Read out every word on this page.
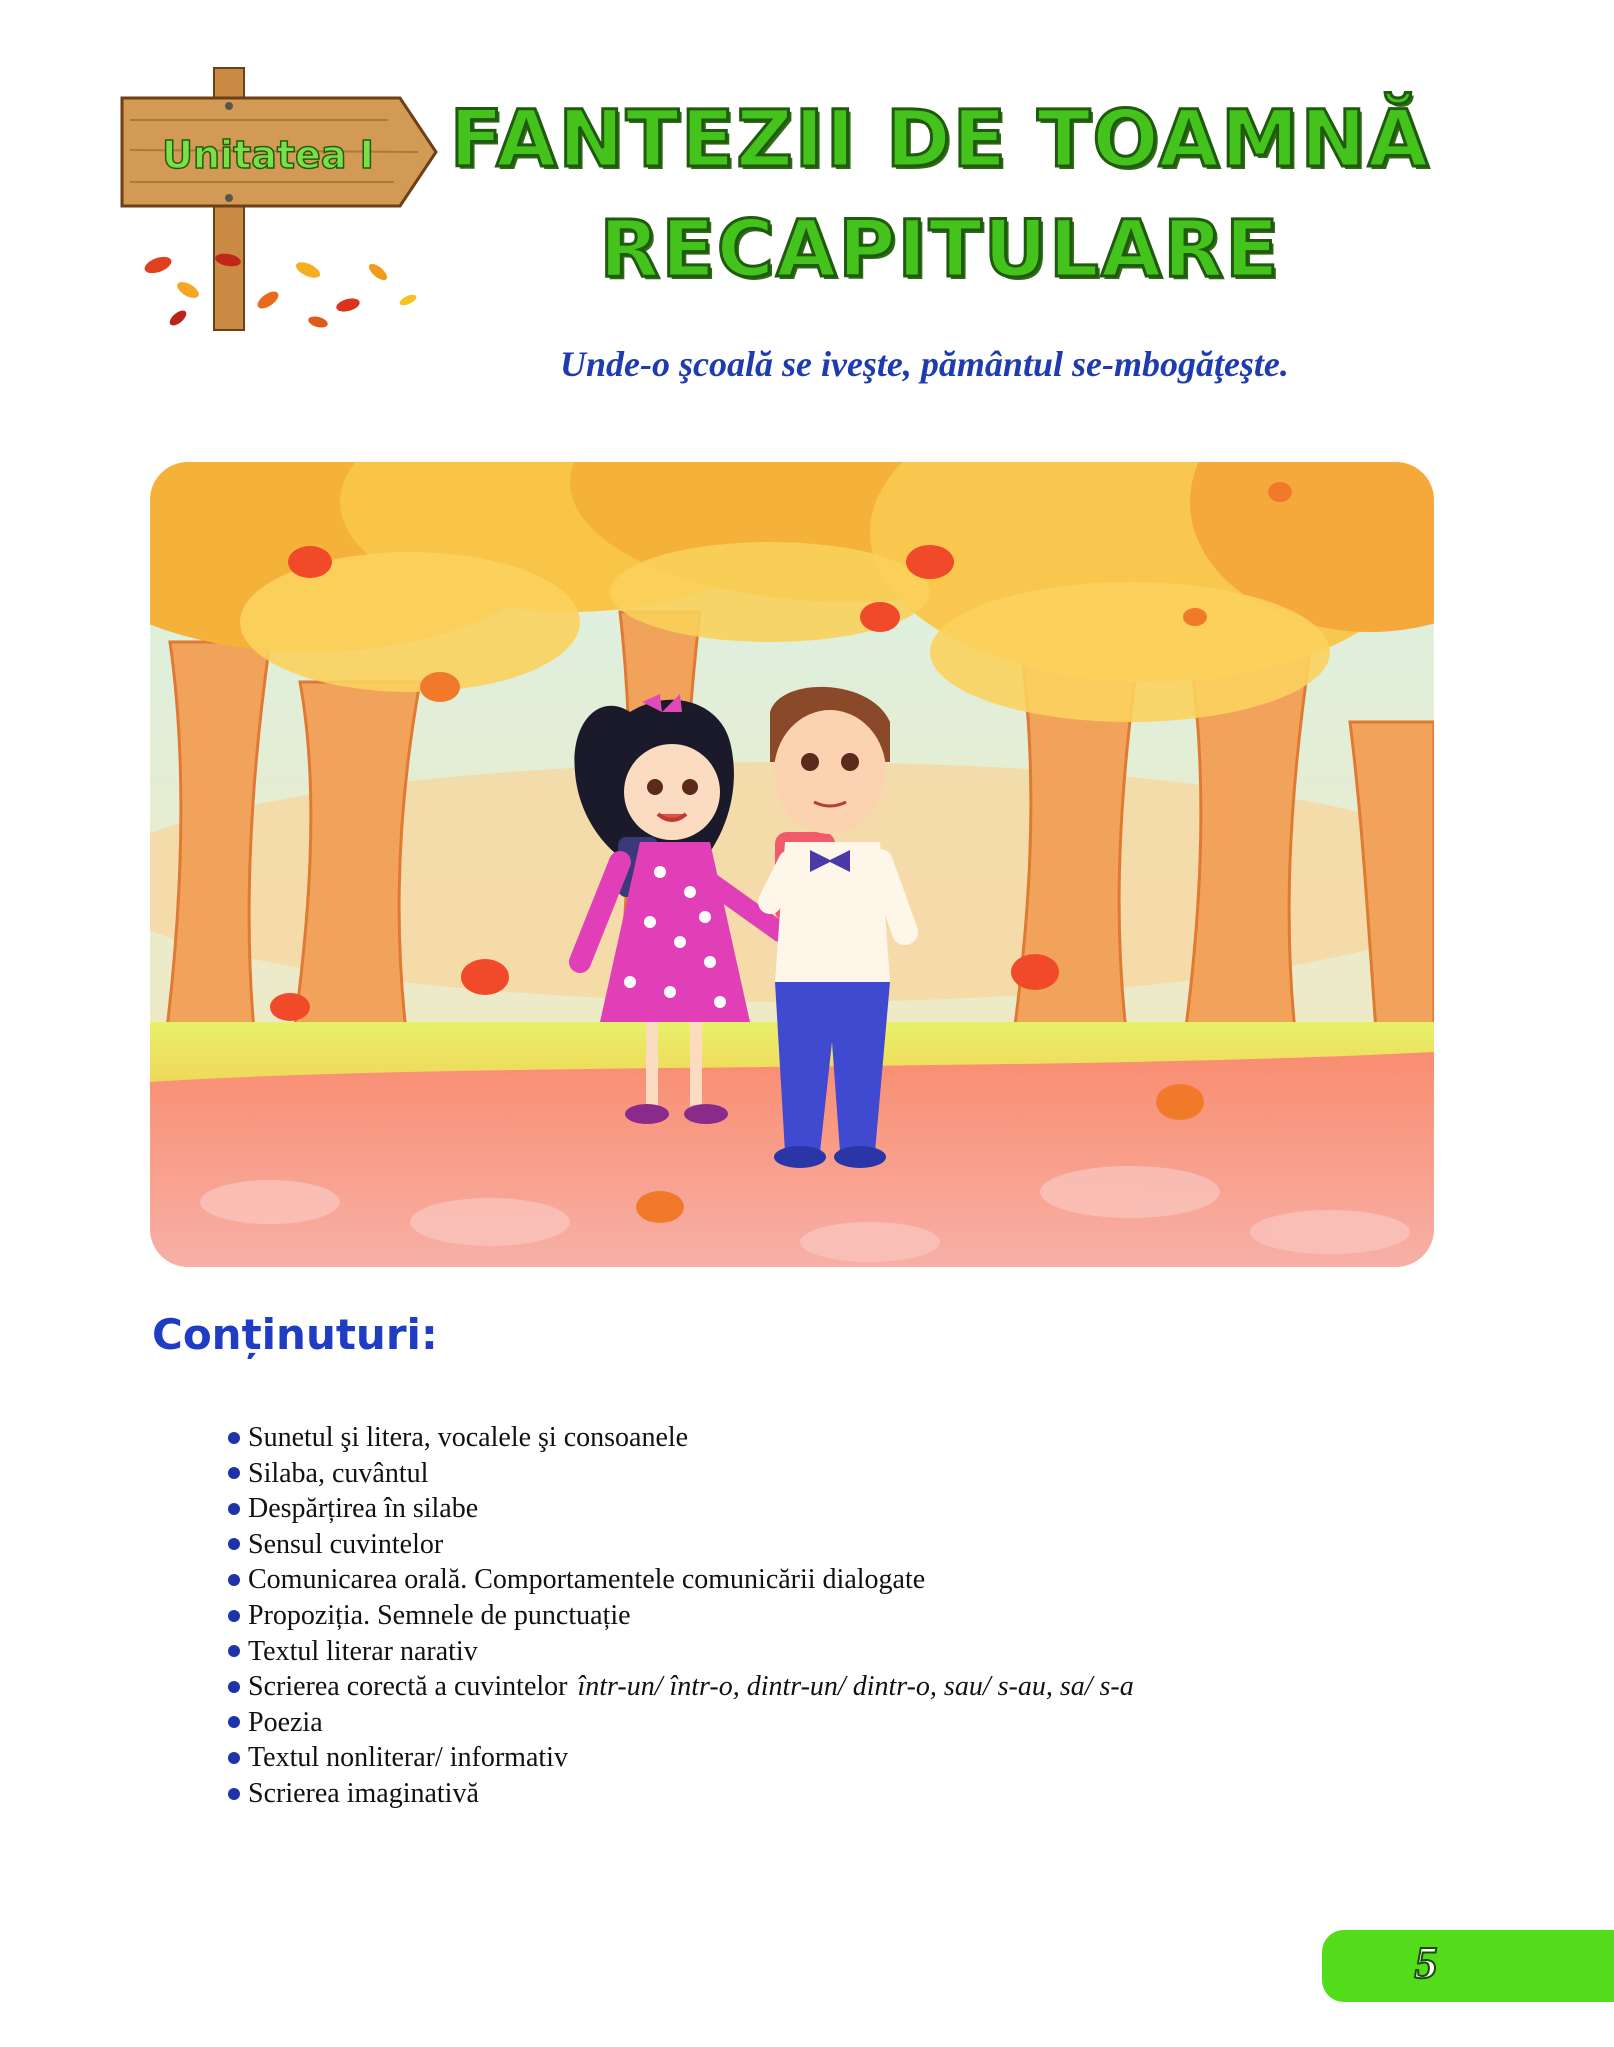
Unitatea I FANTEZII DE TOAMNĂ
RECAPITULARE
Unde-o şcoală se iveşte, pământul se-mbogăţeşte.
Conținuturi:
Sunetul şi litera, vocalele şi consoanele
Silaba, cuvântul
Despărțirea în silabe
Sensul cuvintelor
Comunicarea orală. Comportamentele comunicării dialogate
Propoziția. Semnele de punctuație
Textul literar narativ
Scrierea corectă a cuvintelor într-un/ într-o, dintr-un/ dintr-o, sau/ s-au, sa/ s-a
Poezia
Textul nonliterar/ informativ
Scrierea imaginativă
5
